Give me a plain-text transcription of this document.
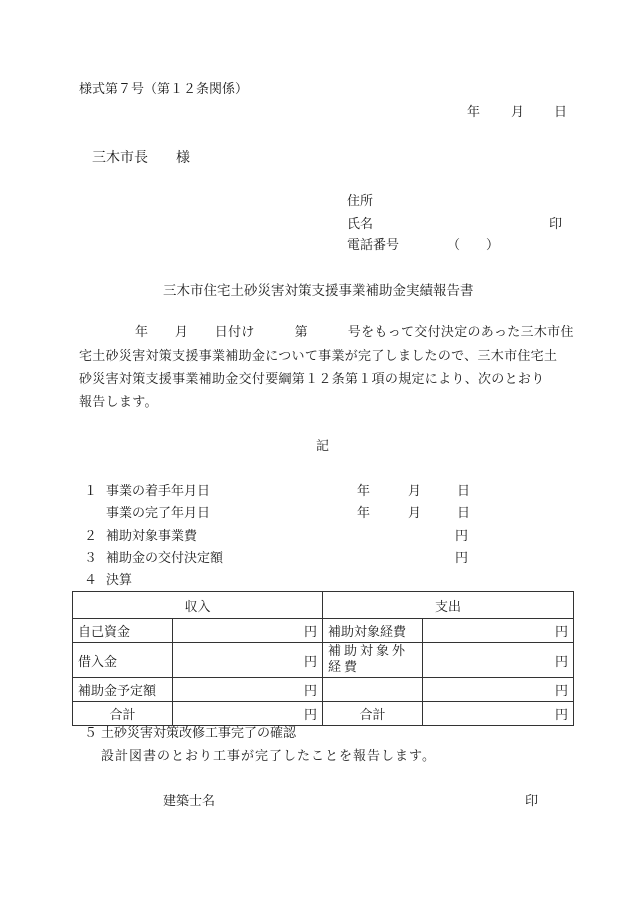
様式第７号（第１２条関係）
年 月 日
三木市長　　様
住所
氏名	印
電話番号	（　　）
三木市住宅土砂災害対策支援事業補助金実績報告書
年　　月　　日付け　　　第　　　号をもって交付決定のあった三木市住
宅土砂災害対策支援事業補助金について事業が完了しましたので、三木市住宅土
砂災害対策支援事業補助金交付要綱第１２条第１項の規定により、次のとおり
報告します。
記
１ 事業の着手年月日	年	月	日
事業の完了年月日	年	月	日
２ 補助対象事業費	円
３ 補助金の交付決定額	円
４ 決算
収入		支出	
自己資金	円	補助対象経費	円
借入金	円	補助対象外経費	円
補助金予定額	円		円
合計	円	合計	円
５ 土砂災害対策改修工事完了の確認
設計図書のとおり工事が完了したことを報告します。
建築士名	印
